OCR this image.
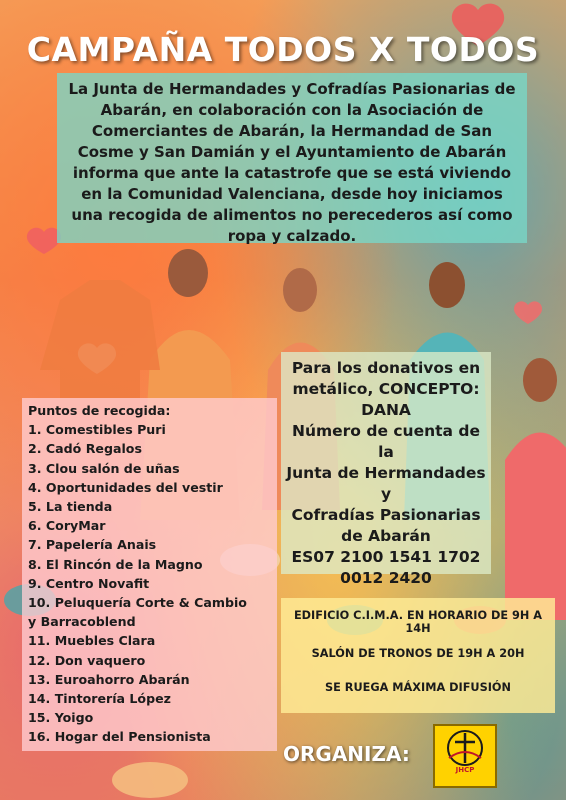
CAMPAÑA TODOS X TODOS
La Junta de Hermandades y Cofradías Pasionarias de Abarán, en colaboración con la Asociación de Comerciantes de Abarán, la Hermandad de San Cosme y San Damián y el Ayuntamiento de Abarán informa que ante la catastrofe que se está viviendo en la Comunidad Valenciana, desde hoy iniciamos una recogida de alimentos no perecederos así como ropa y calzado.
Para los donativos en
metálico, CONCEPTO:
DANA
Número de cuenta de la
Junta de Hermandades y
Cofradías Pasionarias
de Abarán
ES07 2100 1541 1702
0012 2420
Puntos de recogida:
1. Comestibles Puri
2. Cadó Regalos
3. Clou salón de uñas
4. Oportunidades del vestir
5. La tienda
6. CoryMar
7. Papelería Anais
8. El Rincón de la Magno
9. Centro Novafit
10. Peluquería Corte & Cambio
y Barracoblend
11. Muebles Clara
12. Don vaquero
13. Euroahorro Abarán
14. Tintorería López
15. Yoigo
16. Hogar del Pensionista
EDIFICIO C.I.M.A. EN HORARIO DE 9H A 14H
SALÓN DE TRONOS DE 19H A 20H
SE RUEGA MÁXIMA DIFUSIÓN
ORGANIZA:
JHCP
